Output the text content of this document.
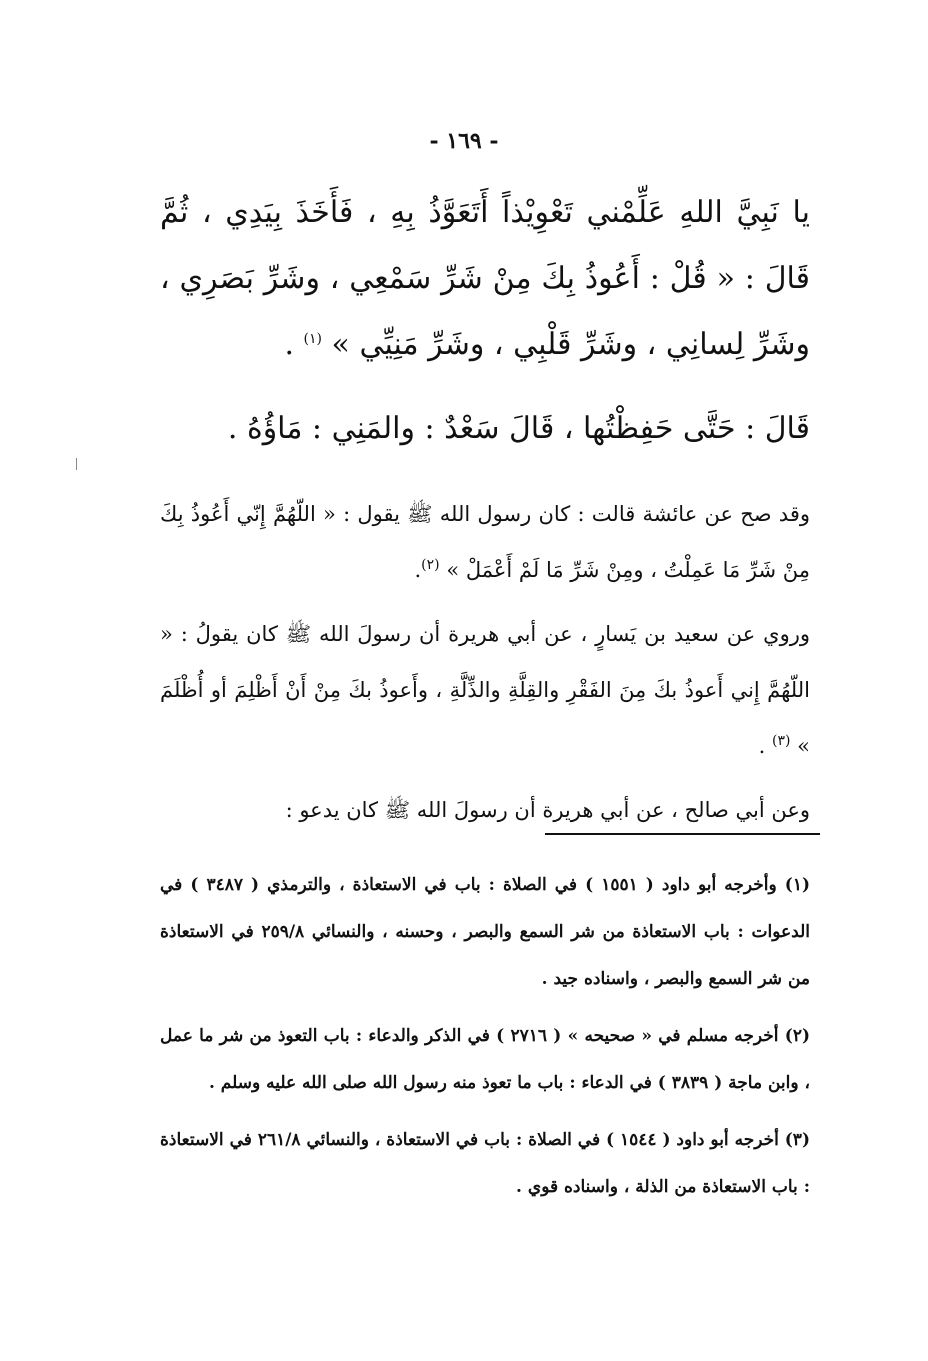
- ١٦٩ -

يا نَبِيَّ اللهِ عَلِّمْني تَعْوِيْذاً أَتَعَوَّذُ بِهِ ، فَأَخَذَ بِيَدِي ، ثُمَّ قَالَ : « قُلْ : أَعُوذُ بِكَ مِنْ شَرِّ سَمْعِي ، وشَرِّ بَصَرِي ، وشَرِّ لِسانِي ، وشَرِّ قَلْبِي ، وشَرِّ مَنِيِّي » $^{(١)}$ .

قَالَ : حَتَّى حَفِظْتُها ، قَالَ سَعْدٌ : والمَنِي : مَاؤُهُ .

وقد صح عن عائشة قالت : كان رسول الله ﷺ يقول : « اللّهُمَّ إِنّي أَعُوذُ بِكَ مِنْ شَرِّ مَا عَمِلْتُ ، ومِنْ شَرِّ مَا لَمْ أَعْمَلْ » $^{(٢)}$.

وروي عن سعيد بن يَسارٍ ، عن أبي هريرة أن رسولَ الله ﷺ كان يقولُ : « اللّهُمَّ إِني أَعوذُ بكَ مِنَ الفَقْرِ والقِلَّةِ والذِّلَّةِ ، وأَعوذُ بكَ مِنْ أَنْ أَظْلِمَ أو أُظْلَمَ » $^{(٣)}$ .

وعن أبي صالح ، عن أبي هريرة أن رسولَ الله ﷺ كان يدعو :

(١) وأخرجه أبو داود ( ١٥٥١ ) في الصلاة : باب في الاستعاذة ، والترمذي ( ٣٤٨٧ ) في الدعوات : باب الاستعاذة من شر السمع والبصر ، وحسنه ، والنسائي ٢٥٩/٨ في الاستعاذة من شر السمع والبصر ، واسناده جيد .

(٢) أخرجه مسلم في « صحيحه » ( ٢٧١٦ ) في الذكر والدعاء : باب التعوذ من شر ما عمل ، وابن ماجة ( ٣٨٣٩ ) في الدعاء : باب ما تعوذ منه رسول الله صلى الله عليه وسلم .

(٣) أخرجه أبو داود ( ١٥٤٤ ) في الصلاة : باب في الاستعاذة ، والنسائي ٢٦١/٨ في الاستعاذة : باب الاستعاذة من الذلة ، واسناده قوي .
